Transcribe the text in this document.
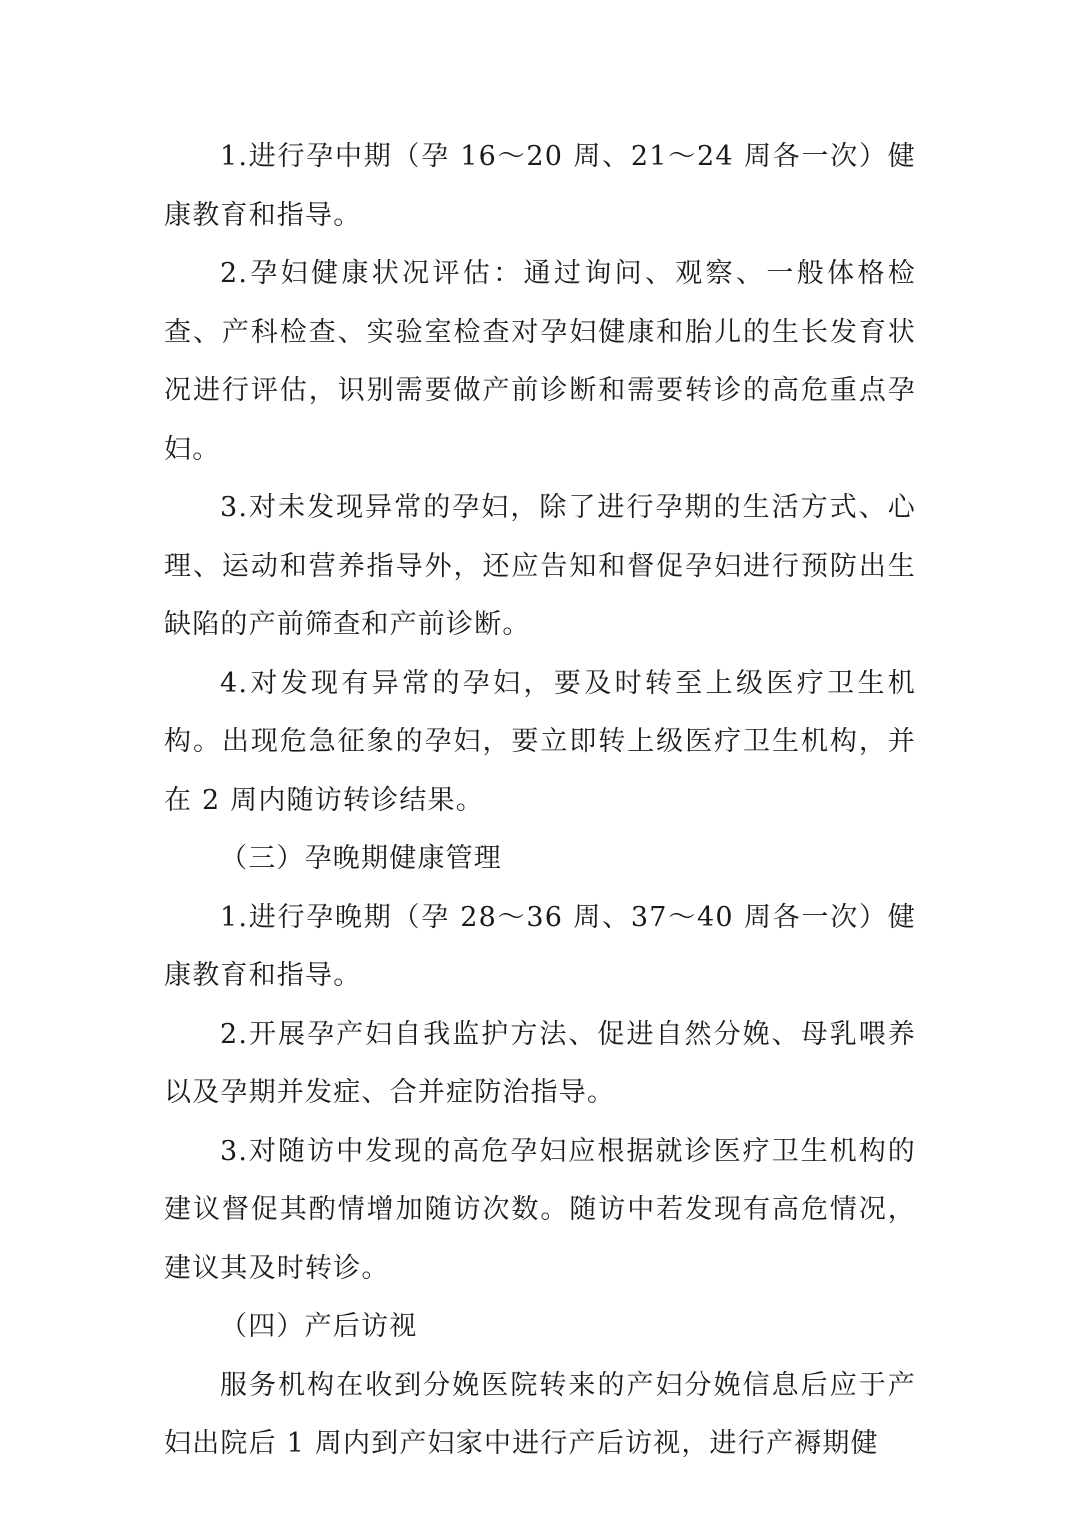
1.进行孕中期（孕 16～20 周、21～24 周各一次）健康教育和指导。

2.孕妇健康状况评估：通过询问、观察、一般体格检查、产科检查、实验室检查对孕妇健康和胎儿的生长发育状况进行评估，识别需要做产前诊断和需要转诊的高危重点孕妇。

3.对未发现异常的孕妇，除了进行孕期的生活方式、心理、运动和营养指导外，还应告知和督促孕妇进行预防出生缺陷的产前筛查和产前诊断。

4.对发现有异常的孕妇，要及时转至上级医疗卫生机构。出现危急征象的孕妇，要立即转上级医疗卫生机构，并在 2 周内随访转诊结果。

（三）孕晚期健康管理

1.进行孕晚期（孕 28～36 周、37～40 周各一次）健康教育和指导。

2.开展孕产妇自我监护方法、促进自然分娩、母乳喂养以及孕期并发症、合并症防治指导。

3.对随访中发现的高危孕妇应根据就诊医疗卫生机构的建议督促其酌情增加随访次数。随访中若发现有高危情况，建议其及时转诊。

（四）产后访视

服务机构在收到分娩医院转来的产妇分娩信息后应于产妇出院后 1 周内到产妇家中进行产后访视，进行产褥期健
